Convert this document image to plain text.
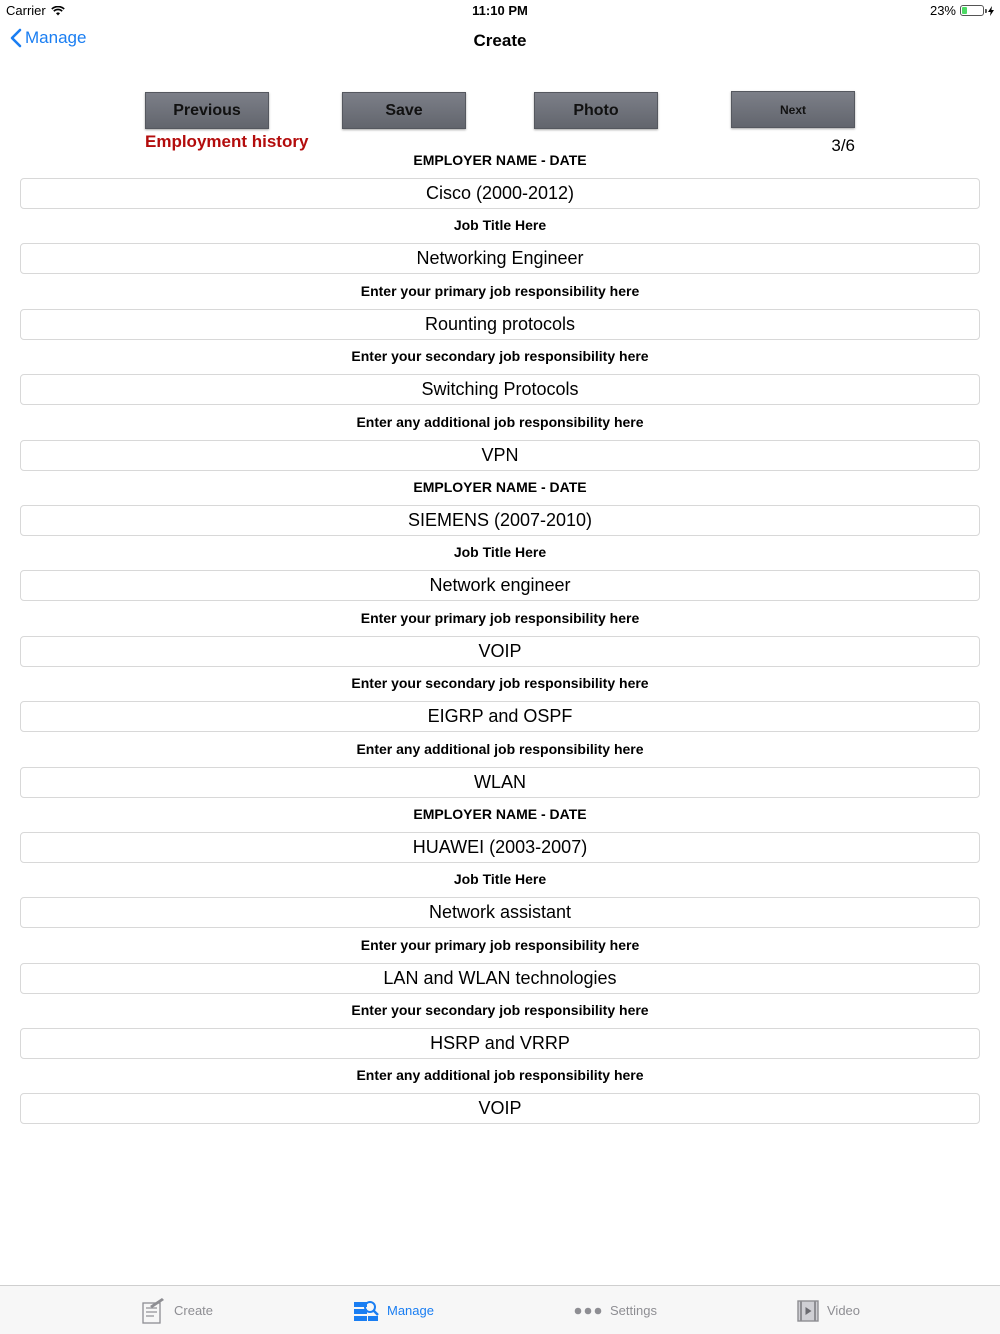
Carrier	11:10 PM	23%
Manage	Create
Previous	Save	Photo	Next
Employment history	3/6
EMPLOYER NAME - DATE
Cisco (2000-2012)
Job Title Here
Networking Engineer
Enter your primary job responsibility here
Rounting protocols
Enter your secondary job responsibility here
Switching Protocols
Enter any additional job responsibility here
VPN
EMPLOYER NAME - DATE
SIEMENS (2007-2010)
Job Title Here
Network engineer
Enter your primary job responsibility here
VOIP
Enter your secondary job responsibility here
EIGRP and OSPF
Enter any additional job responsibility here
WLAN
EMPLOYER NAME - DATE
HUAWEI (2003-2007)
Job Title Here
Network assistant
Enter your primary job responsibility here
LAN and WLAN technologies
Enter your secondary job responsibility here
HSRP and VRRP
Enter any additional job responsibility here
VOIP
Create	Manage	Settings	Video
